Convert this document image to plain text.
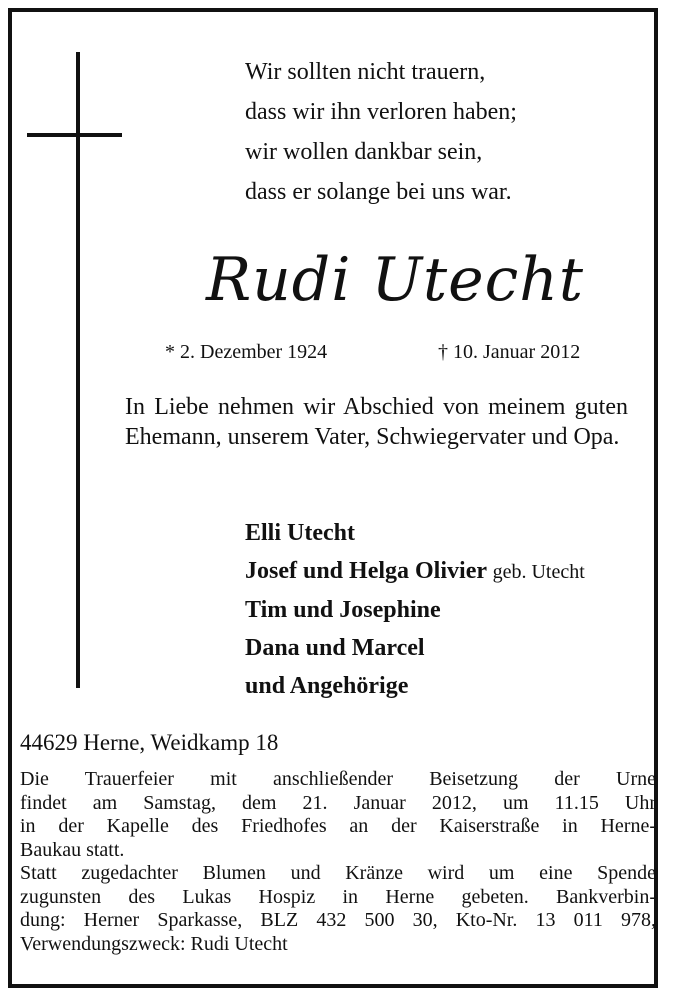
Wir sollten nicht trauern,
dass wir ihn verloren haben;
wir wollen dankbar sein,
dass er solange bei uns war.
Rudi Utecht
* 2. Dezember 1924	† 10. Januar 2012
In Liebe nehmen wir Abschied von meinem guten Ehemann, unserem Vater, Schwiegervater und Opa.
Elli Utecht
Josef und Helga Olivier geb. Utecht
Tim und Josephine
Dana und Marcel
und Angehörige
44629 Herne, Weidkamp 18
Die Trauerfeier mit anschließender Beisetzung der Urne
findet am Samstag, dem 21. Januar 2012, um 11.15 Uhr
in der Kapelle des Friedhofes an der Kaiserstraße in Herne-
Baukau statt.
Statt zugedachter Blumen und Kränze wird um eine Spende
zugunsten des Lukas Hospiz in Herne gebeten. Bankverbin-
dung: Herner Sparkasse, BLZ 432 500 30, Kto-Nr. 13 011 978,
Verwendungszweck: Rudi Utecht
